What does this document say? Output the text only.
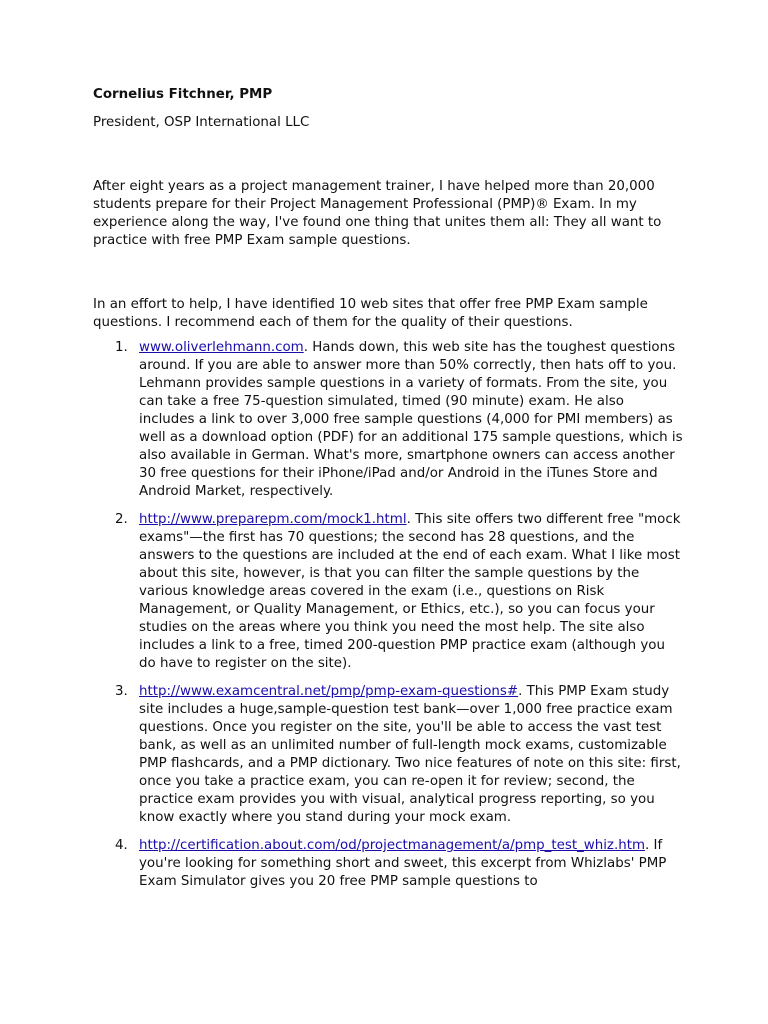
Cornelius Fitchner, PMP

President, OSP International LLC

After eight years as a project management trainer, I have helped more than 20,000 students prepare for their Project Management Professional (PMP)® Exam. In my experience along the way, I've found one thing that unites them all: They all want to practice with free PMP Exam sample questions.

In an effort to help, I have identified 10 web sites that offer free PMP Exam sample questions. I recommend each of them for the quality of their questions.

1. www.oliverlehmann.com. Hands down, this web site has the toughest questions around. If you are able to answer more than 50% correctly, then hats off to you. Lehmann provides sample questions in a variety of formats. From the site, you can take a free 75-question simulated, timed (90 minute) exam. He also includes a link to over 3,000 free sample questions (4,000 for PMI members) as well as a download option (PDF) for an additional 175 sample questions, which is also available in German. What's more, smartphone owners can access another 30 free questions for their iPhone/iPad and/or Android in the iTunes Store and Android Market, respectively.
2. http://www.preparepm.com/mock1.html. This site offers two different free "mock exams"—the first has 70 questions; the second has 28 questions, and the answers to the questions are included at the end of each exam. What I like most about this site, however, is that you can filter the sample questions by the various knowledge areas covered in the exam (i.e., questions on Risk Management, or Quality Management, or Ethics, etc.), so you can focus your studies on the areas where you think you need the most help. The site also includes a link to a free, timed 200-question PMP practice exam (although you do have to register on the site).
3. http://www.examcentral.net/pmp/pmp-exam-questions#. This PMP Exam study site includes a huge,sample-question test bank—over 1,000 free practice exam questions. Once you register on the site, you'll be able to access the vast test bank, as well as an unlimited number of full-length mock exams, customizable PMP flashcards, and a PMP dictionary. Two nice features of note on this site: first, once you take a practice exam, you can re-open it for review; second, the practice exam provides you with visual, analytical progress reporting, so you know exactly where you stand during your mock exam.
4. http://certification.about.com/od/projectmanagement/a/pmp_test_whiz.htm. If you're looking for something short and sweet, this excerpt from Whizlabs' PMP Exam Simulator gives you 20 free PMP sample questions to
